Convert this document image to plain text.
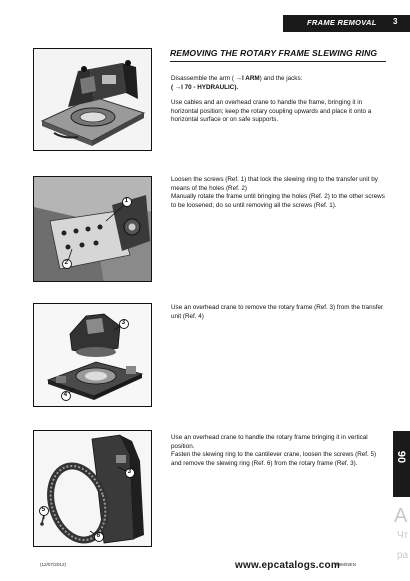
FRAME REMOVAL 3
REMOVING THE ROTARY FRAME SLEWING RING
1
2
3
4
3
5
6

Disassemble the arm ( →I ARM) and the jacks:

( →I 70 - HYDRAULIC).

Use cables and an overhead crane to handle the frame, bringing it in horizontal position; keep the rotary coupling upwards and place it onto a horizontal surface or on safe supports.

Loosen the screws (Ref. 1) that lock the slewing ring to the transfer unit by means of the holes (Ref. 2)

Manually rotate the frame until bringing the holes (Ref. 2) to the other screws to be loosened; do so until removing all the screws (Ref. 1).

Use an overhead crane to remove the rotary frame (Ref. 3) from the transfer unit (Ref. 4)

Use an overhead crane to handle the rotary frame bringing it in vertical position.

Fasten the slewing ring to the cantilever crane, loosen the screws (Ref. 5) and remove the slewing ring (Ref. 6) from the rotary frame (Ref. 3).

90
A
Чт
ра
(12/07/2012)	89M/NEN
www.epcatalogs.com
